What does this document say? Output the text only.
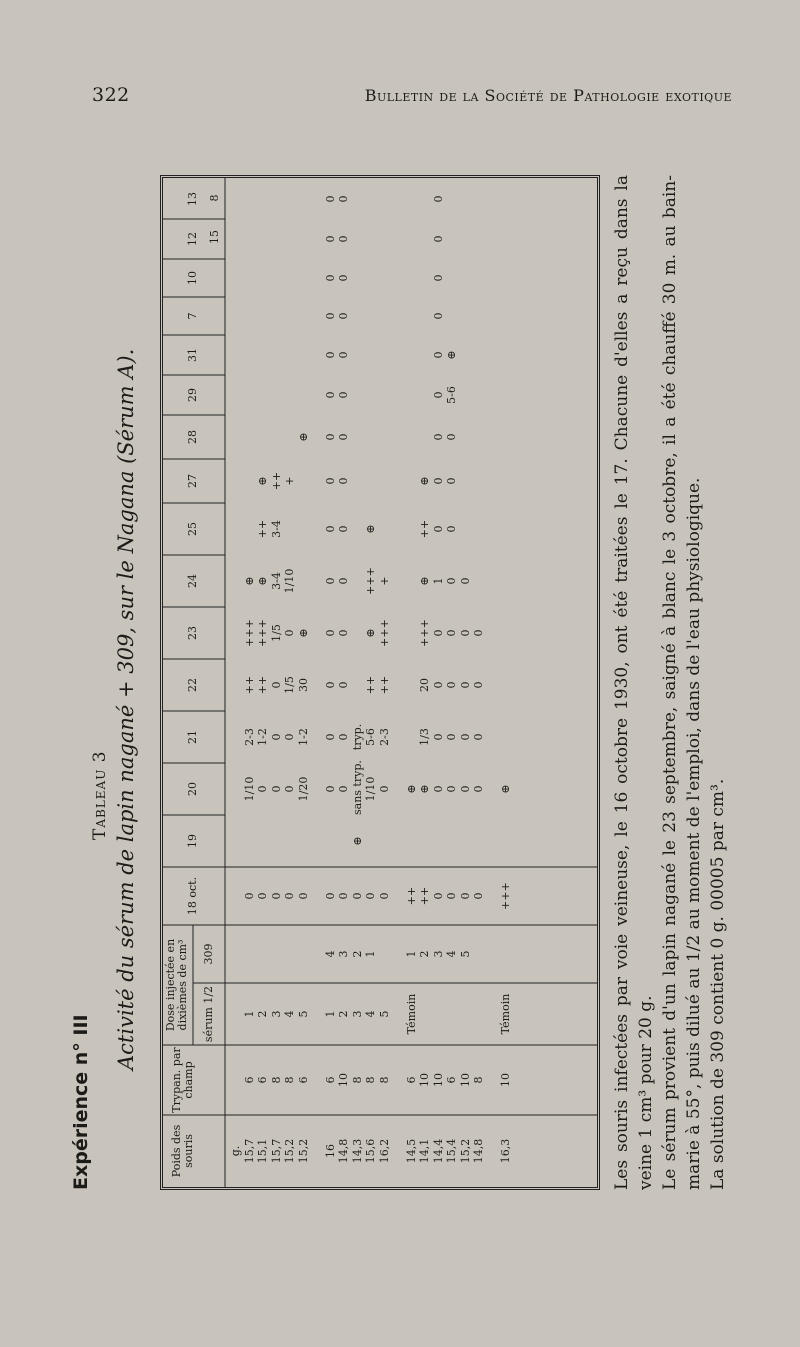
322	Bulletin de la Société de Pathologie exotique
Expérience n° III
Tableau 3 Activité du sérum de lapin nagané + 309, sur le Nagana (Sérum A).
Poids des souris
Trypan. par champ
Dose injectée en dixièmes de cm³ sérum 1/2
309
18 oct.
19
20
21
22
23
24
25
27
28
29
31
7
10
12
13
15
8
g.
15,7
15,1
15,7
15,2
15,2

16
14,8
14,3
15,6
16,2

14,5
14,1
14,4
15,4
15,2
14,8

16,3

6
6
8
8
6

6
10
8
8
8

6
10
10
6
10
8

10

1
2
3
4
5

1
2
3
4
5

Témoin

Témoin

4
3
2
1

1
2
3
4
5

0
0
0
0
0

0
0
0
0
0

++
++
0
0
0
0

+++

⊕

1/10
0
0
0
1/20

0
0
sans tryp.
1/10
0

⊕
⊕
0
0
0
0

⊕

2-3
1-2
0
0
1-2

0
0
tryp.
5-6
2-3

1/3
0
0
0
0

++
++
0
1/5
30

0
0

++
++

20
0
0
0
0

+++
+++
1/5
0
⊕

0
0

⊕
+++

+++
0
0
0
0

⊕
⊕
3-4
1/10

0
0

+++
+

⊕
1
0
0

++
3-4

0
0

⊕

++
0
0

⊕
++
+

0
0

⊕
0
0

⊕

0
0

0
0

0
0

0
5-6

0
0

0
⊕

0
0

0

0
0

0

0
0

0

0
0

0	Les souris infectées par voie veineuse, le 16 octobre 1930, ont été traitées le 17. Chacune d'elles a reçu dans la veine 1 cm³ pour 20 g. Le sérum provient d'un lapin nagané le 23 septembre, saigné à blanc le 3 octobre, il a été chauffé 30 m. au bain-marie à 55°, puis dilué au 1/2 au moment de l'emploi, dans de l'eau physiologique. La solution de 309 contient 0 g. 00005 par cm³.
